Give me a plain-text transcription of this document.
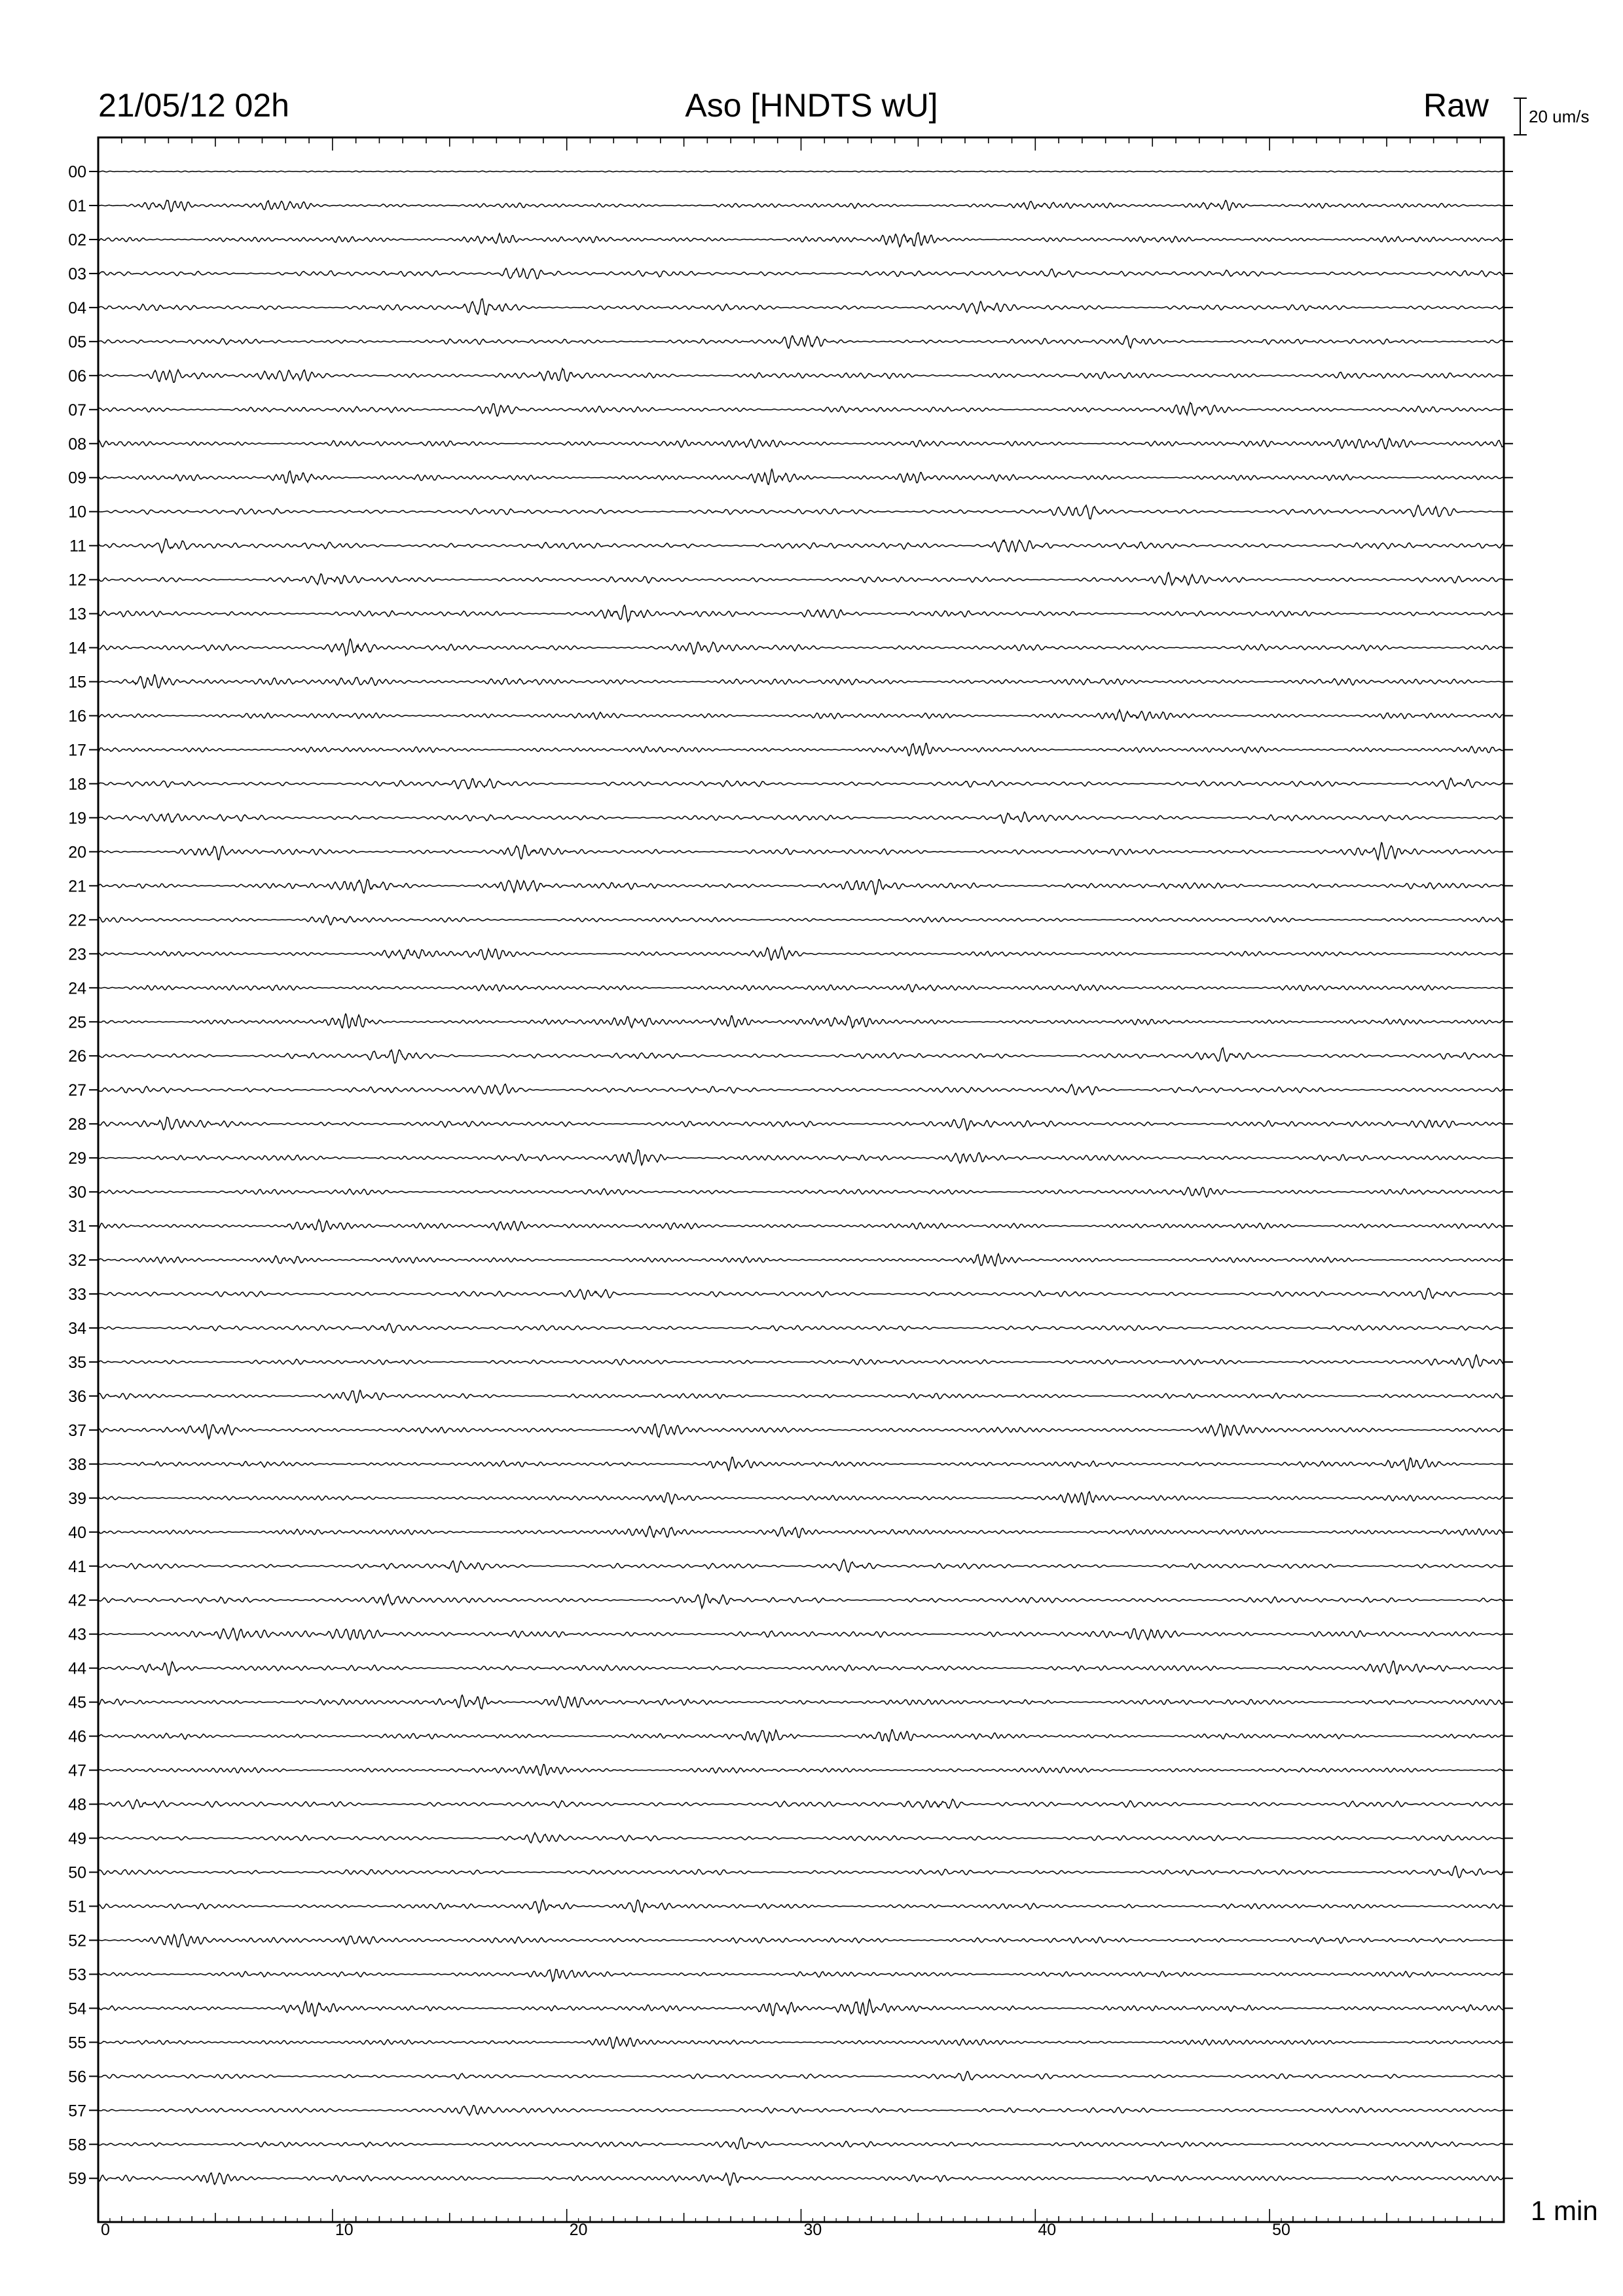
21/05/12 02h	Aso [HNDTS wU]	Raw 20 um/s
1 min
0	10	20	30	40	50
00
01
02
03
04
05
06
07
08
09
10
11
12
13
14
15
16
17
18
19
20
21
22
23
24
25
26
27
28
29
30
31
32
33
34
35
36
37
38
39
40
41
42
43
44
45
46
47
48
49
50
51
52
53
54
55
56
57
58
59
